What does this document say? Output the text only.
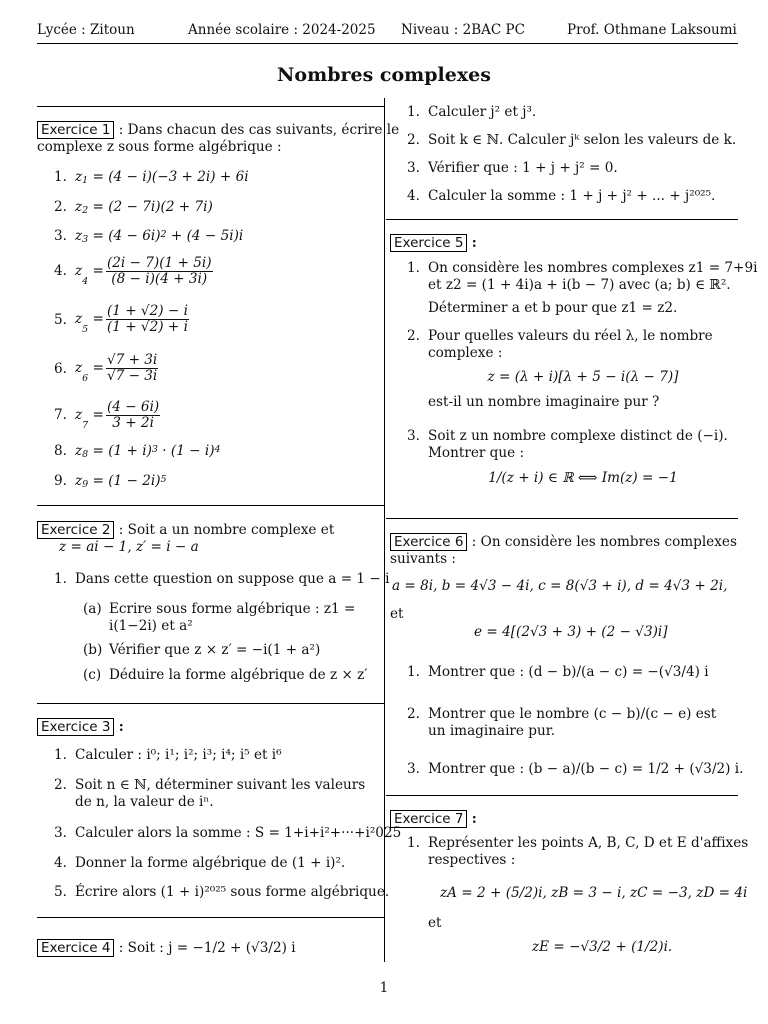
Lycée : Zitoun	Année scolaire : 2024-2025 Niveau : 2BAC PC	Prof. Othmane Laksoumi
Nombres complexes
Exercice 1 : Dans chacun des cas suivants, écrire le
complexe z sous forme algébrique :
1. $z_1 = (4 - i)(-3 + 2i) + 6i$
2. $z_2 = (2 - 7i)(2 + 7i)$
3. $z_3 = (4 - 6i)^2 + (4 - 5i)i$
4. $z_4 = \frac{(2i - 7)(1 + 5i)}{(8 - i)(4 + 3i)}$
5. $z_5 = \frac{(1 + √2) - i}{(1 + √2) + i}$
6. $z_6 = \frac{√7 + 3i}{√7 - 3i}$
7. $z_7 = \frac{(4 - 6i)}{3 + 2i}$
8. $z_8 = (1 + i)^3 \cdot (1 - i)^4$
9. $z_9 = (1 - 2i)^5$
Exercice 2 : Soit a un nombre complexe et
z = ai − 1, z′ = i − a
1. Dans cette question on suppose que a = 1 − i
(a) Ecrire sous forme algébrique : z1 = i(1−2i) et a²
(b) Vérifier que z × z′ = −i(1 + a²)
(c) Déduire la forme algébrique de z × z′
Exercice 3 :
1. Calculer : i⁰; i¹; i²; i³; i⁴; i⁵ et i⁶
2. Soit n ∈ ℕ, déterminer suivant les valeurs de n, la valeur de iⁿ.
3. Calculer alors la somme : S = 1+i+i²+···+i²025
4. Donner la forme algébrique de (1 + i)².
5. Écrire alors (1 + i)²⁰²⁵ sous forme algébrique.
Exercice 4 : Soit : j = −1/2 + (√3/2) i
1. Calculer j² et j³.
2. Soit k ∈ ℕ. Calculer jᵏ selon les valeurs de k.
3. Vérifier que : 1 + j + j² = 0.
4. Calculer la somme : 1 + j + j² + ... + j²⁰²⁵.
Exercice 5 :
1. On considère les nombres complexes z1 = 7+9i
et z2 = (1 + 4i)a + i(b − 7) avec (a; b) ∈ ℝ².
Déterminer a et b pour que z1 = z2.
2. Pour quelles valeurs du réel λ, le nombre
complexe :
z = (λ + i)[λ + 5 − i(λ − 7)]
est-il un nombre imaginaire pur ?
3. Soit z un nombre complexe distinct de (−i).
Montrer que :
1/(z + i) ∈ ℝ ⟺ Im(z) = −1
Exercice 6 : On considère les nombres complexes
suivants :
a = 8i, b = 4√3 − 4i, c = 8(√3 + i), d = 4√3 + 2i,
et
e = 4[(2√3 + 3) + (2 − √3)i]
1. Montrer que : (d − b)/(a − c) = −(√3/4) i
2. Montrer que le nombre (c − b)/(c − e) est un imaginaire pur.
3. Montrer que : (b − a)/(b − c) = 1/2 + (√3/2) i.
Exercice 7 :
1. Représenter les points A, B, C, D et E d'affixes
respectives :
zA = 2 + (5/2)i, zB = 3 − i, zC = −3, zD = 4i
et
zE = −√3/2 + (1/2)i.
1
